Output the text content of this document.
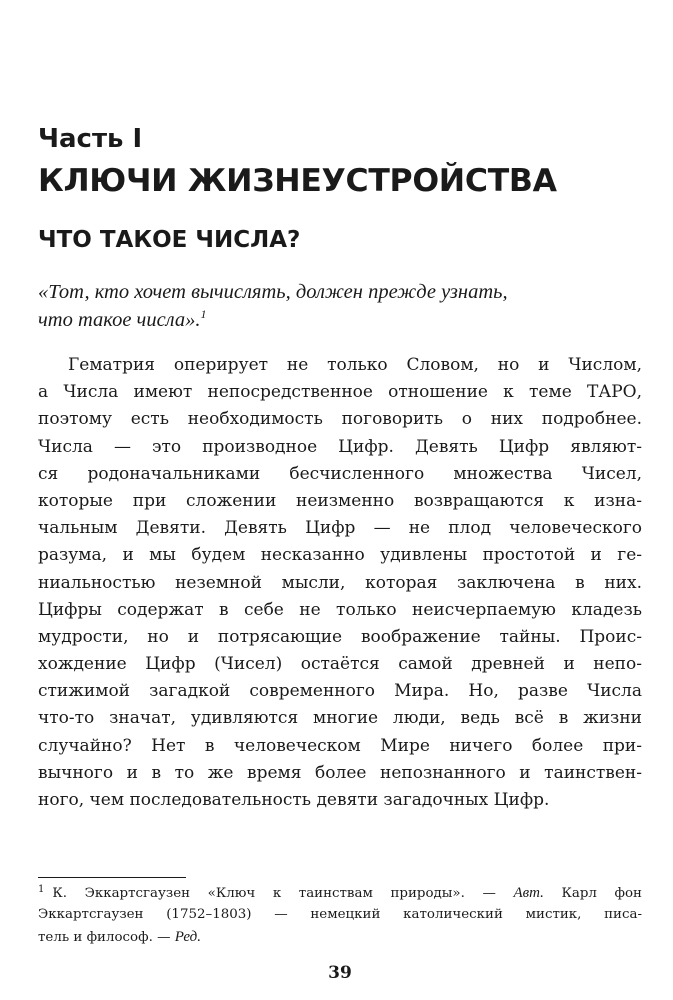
Часть I
КЛЮЧИ ЖИЗНЕУСТРОЙСТВА
ЧТО ТАКОЕ ЧИСЛА?

«Тот, кто хочет вычислять, должен прежде узнать,
что такое числа».$^1$

Гематрия оперирует не только Словом, но и Числом,
а Числа имеют непосредственное отношение к теме ТАРО,
поэтому есть необходимость поговорить о них подробнее.
Числа — это производное Цифр. Девять Цифр являют-
ся родоначальниками бесчисленного множества Чисел,
которые при сложении неизменно возвращаются к изна-
чальным Девяти. Девять Цифр — не плод человеческого
разума, и мы будем несказанно удивлены простотой и ге-
ниальностью неземной мысли, которая заключена в них.
Цифры содержат в себе не только неисчерпаемую кладезь
мудрости, но и потрясающие воображение тайны. Проис-
хождение Цифр (Чисел) остаётся самой древней и непо-
стижимой загадкой современного Мира. Но, разве Числа
что-то значат, удивляются многие люди, ведь всё в жизни
случайно? Нет в человеческом Мире ничего более при-
вычного и в то же время более непознанного и таинствен-
ного, чем последовательность девяти загадочных Цифр.
$^1$ К. Эккартсгаузен «Ключ к таинствам природы». — Авт. Карл фон
Эккартсгаузен (1752–1803) — немецкий католический мистик, писа-
тель и философ. — Ред.
39
